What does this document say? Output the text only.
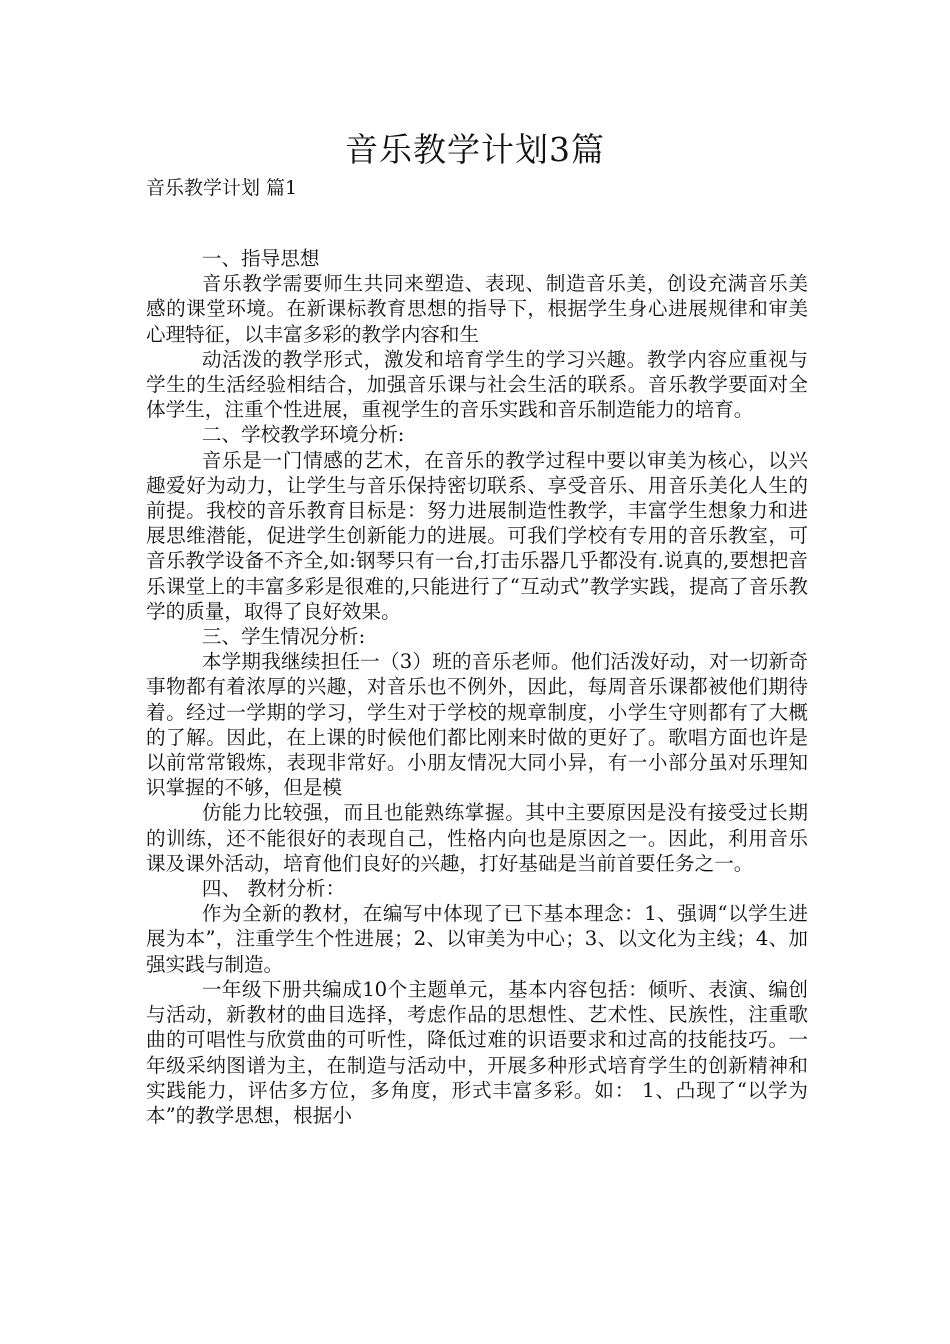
音乐教学计划3篇
音乐教学计划 篇1

一、指导思想

音乐教学需要师生共同来塑造、表现、制造音乐美，创设充满音乐美感的课堂环境。在新课标教育思想的指导下，根据学生身心进展规律和审美心理特征，以丰富多彩的教学内容和生

动活泼的教学形式，激发和培育学生的学习兴趣。教学内容应重视与学生的生活经验相结合，加强音乐课与社会生活的联系。音乐教学要面对全体学生，注重个性进展，重视学生的音乐实践和音乐制造能力的培育。

二、学校教学环境分析:

音乐是一门情感的艺术，在音乐的教学过程中要以审美为核心，以兴趣爱好为动力，让学生与音乐保持密切联系、享受音乐、用音乐美化人生的前提。我校的音乐教育目标是：努力进展制造性教学，丰富学生想象力和进展思维潜能，促进学生创新能力的进展。可我们学校有专用的音乐教室，可音乐教学设备不齐全,如:钢琴只有一台,打击乐器几乎都没有.说真的,要想把音乐课堂上的丰富多彩是很难的,只能进行了“互动式”教学实践，提高了音乐教学的质量，取得了良好效果。

三、学生情况分析:

本学期我继续担任一（3）班的音乐老师。他们活泼好动，对一切新奇事物都有着浓厚的兴趣，对音乐也不例外，因此，每周音乐课都被他们期待着。经过一学期的学习，学生对于学校的规章制度，小学生守则都有了大概的了解。因此，在上课的时候他们都比刚来时做的更好了。歌唱方面也许是以前常常锻炼，表现非常好。小朋友情况大同小异，有一小部分虽对乐理知识掌握的不够，但是模

仿能力比较强，而且也能熟练掌握。其中主要原因是没有接受过长期的训练，还不能很好的表现自己，性格内向也是原因之一。因此，利用音乐课及课外活动，培育他们良好的兴趣，打好基础是当前首要任务之一。

四、 教材分析：

作为全新的教材，在编写中体现了已下基本理念：1、强调“以学生进展为本”，注重学生个性进展；2、以审美为中心；3、以文化为主线；4、加强实践与制造。

一年级下册共编成10个主题单元，基本内容包括：倾听、表演、编创与活动，新教材的曲目选择，考虑作品的思想性、艺术性、民族性，注重歌曲的可唱性与欣赏曲的可听性，降低过难的识语要求和过高的技能技巧。一年级采纳图谱为主，在制造与活动中，开展多种形式培育学生的创新精神和实践能力，评估多方位，多角度，形式丰富多彩。如： 1、凸现了“以学为本”的教学思想，根据小
